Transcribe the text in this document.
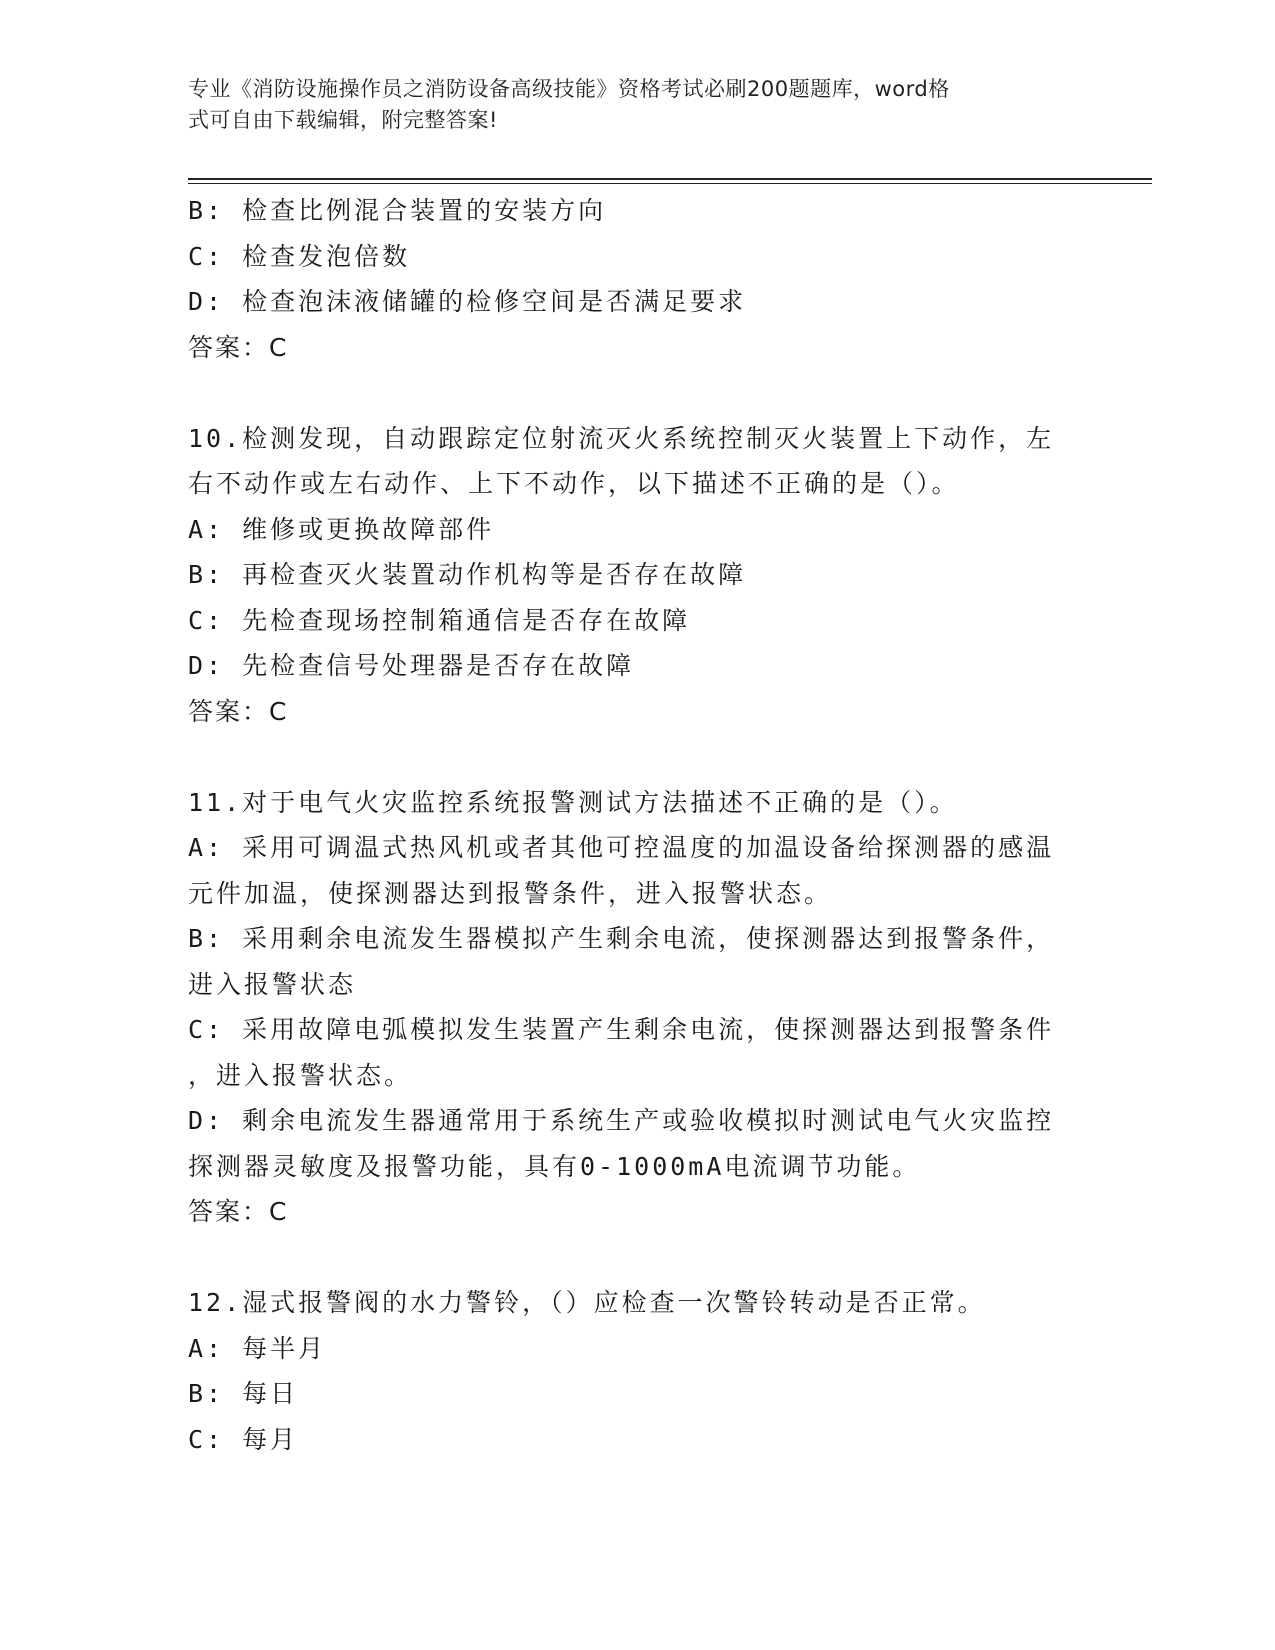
专业《消防设施操作员之消防设备高级技能》资格考试必刷200题题库，word格
式可自由下载编辑，附完整答案!
B: 检查比例混合装置的安装方向
C: 检查发泡倍数
D: 检查泡沫液储罐的检修空间是否满足要求
答案：C
10.检测发现，自动跟踪定位射流灭火系统控制灭火装置上下动作，左
右不动作或左右动作、上下不动作，以下描述不正确的是（）。
A: 维修或更换故障部件
B: 再检查灭火装置动作机构等是否存在故障
C: 先检查现场控制箱通信是否存在故障
D: 先检查信号处理器是否存在故障
答案：C
11.对于电气火灾监控系统报警测试方法描述不正确的是（）。
A: 采用可调温式热风机或者其他可控温度的加温设备给探测器的感温
元件加温，使探测器达到报警条件，进入报警状态。
B: 采用剩余电流发生器模拟产生剩余电流，使探测器达到报警条件，
进入报警状态
C: 采用故障电弧模拟发生装置产生剩余电流，使探测器达到报警条件
，进入报警状态。
D: 剩余电流发生器通常用于系统生产或验收模拟时测试电气火灾监控
探测器灵敏度及报警功能，具有0-1000mA电流调节功能。
答案：C
12.湿式报警阀的水力警铃，（）应检查一次警铃转动是否正常。
A: 每半月
B: 每日
C: 每月
